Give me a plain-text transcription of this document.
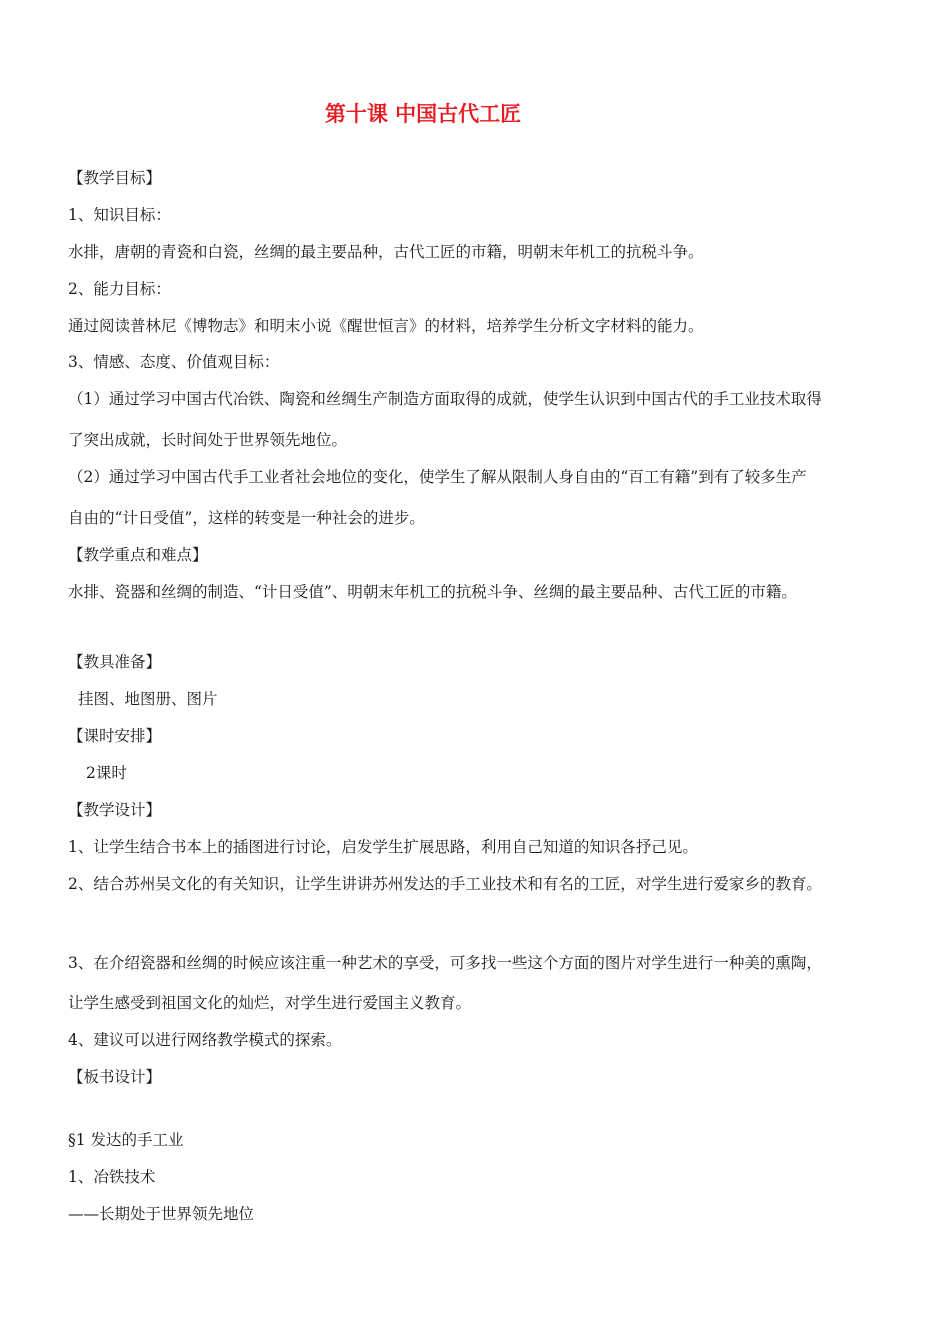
第十课 中国古代工匠
【教学目标】
1、知识目标：
水排，唐朝的青瓷和白瓷，丝绸的最主要品种，古代工匠的市籍，明朝末年机工的抗税斗争。
2、能力目标：
通过阅读普林尼《博物志》和明末小说《醒世恒言》的材料，培养学生分析文字材料的能力。
3、情感、态度、价值观目标：
（1）通过学习中国古代冶铁、陶瓷和丝绸生产制造方面取得的成就，使学生认识到中国古代的手工业技术取得
了突出成就，长时间处于世界领先地位。
（2）通过学习中国古代手工业者社会地位的变化，使学生了解从限制人身自由的“百工有籍”到有了较多生产
自由的“计日受值”，这样的转变是一种社会的进步。
【教学重点和难点】
水排、瓷器和丝绸的制造、“计日受值”、明朝末年机工的抗税斗争、丝绸的最主要品种、古代工匠的市籍。
【教具准备】
挂图、地图册、图片
【课时安排】
2课时
【教学设计】
1、让学生结合书本上的插图进行讨论，启发学生扩展思路，利用自己知道的知识各抒己见。
2、结合苏州吴文化的有关知识，让学生讲讲苏州发达的手工业技术和有名的工匠，对学生进行爱家乡的教育。
3、在介绍瓷器和丝绸的时候应该注重一种艺术的享受，可多找一些这个方面的图片对学生进行一种美的熏陶，
让学生感受到祖国文化的灿烂，对学生进行爱国主义教育。
4、建议可以进行网络教学模式的探索。
【板书设计】
§1 发达的手工业
1、冶铁技术
——长期处于世界领先地位
